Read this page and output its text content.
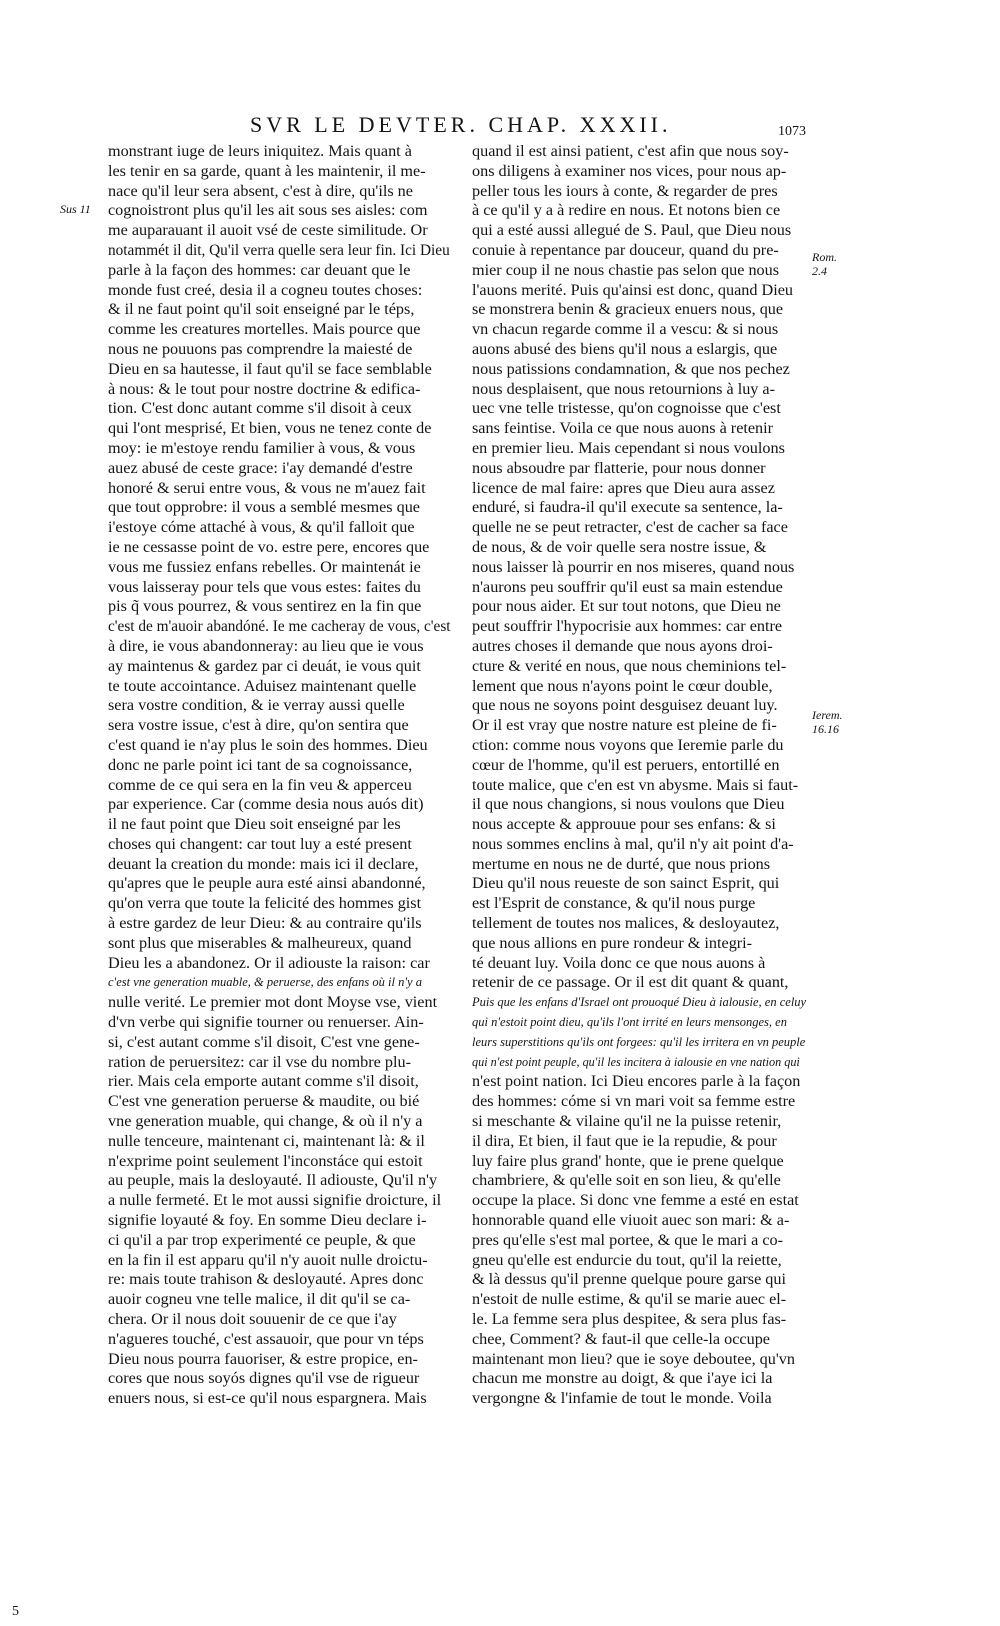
SVR LE DEVTER. CHAP. XXXII.	1073
Sus 11
Rom. 2.4
Ierem. 16.16
monstrant iuge de leurs iniquitez. Mais quant à
les tenir en sa garde, quant à les maintenir, il me-
nace qu'il leur sera absent, c'est à dire, qu'ils ne
cognoistront plus qu'il les ait sous ses aisles: com
me auparauant il auoit vsé de ceste similitude. Or
notammét il dit, Qu'il verra quelle sera leur fin. Ici Dieu
parle à la façon des hommes: car deuant que le
monde fust creé, desia il a cogneu toutes choses:
& il ne faut point qu'il soit enseigné par le téps,
comme les creatures mortelles. Mais pource que
nous ne pouuons pas comprendre la maiesté de
Dieu en sa hautesse, il faut qu'il se face semblable
à nous: & le tout pour nostre doctrine & edifica-
tion. C'est donc autant comme s'il disoit à ceux
qui l'ont mesprisé, Et bien, vous ne tenez conte de
moy: ie m'estoye rendu familier à vous, & vous
auez abusé de ceste grace: i'ay demandé d'estre
honoré & serui entre vous, & vous ne m'auez fait
que tout opprobre: il vous a semblé mesmes que
i'estoye cóme attaché à vous, & qu'il falloit que
ie ne cessasse point de vo. estre pere, encores que
vous me fussiez enfans rebelles. Or maintenát ie
vous laisseray pour tels que vous estes: faites du
pis q̃ vous pourrez, & vous sentirez en la fin que
c'est de m'auoir abandóné. Ie me cacheray de vous, c'est
à dire, ie vous abandonneray: au lieu que ie vous
ay maintenus & gardez par ci deuát, ie vous quit
te toute accointance. Aduisez maintenant quelle
sera vostre condition, & ie verray aussi quelle
sera vostre issue, c'est à dire, qu'on sentira que
c'est quand ie n'ay plus le soin des hommes. Dieu
donc ne parle point ici tant de sa cognoissance,
comme de ce qui sera en la fin veu & apperceu
par experience. Car (comme desia nous auós dit)
il ne faut point que Dieu soit enseigné par les
choses qui changent: car tout luy a esté present
deuant la creation du monde: mais ici il declare,
qu'apres que le peuple aura esté ainsi abandonné,
qu'on verra que toute la felicité des hommes gist
à estre gardez de leur Dieu: & au contraire qu'ils
sont plus que miserables & malheureux, quand
Dieu les a abandonez. Or il adiouste la raison: car
c'est vne generation muable, & peruerse, des enfans où il n'y a
nulle verité. Le premier mot dont Moyse vse, vient
d'vn verbe qui signifie tourner ou renuerser. Ain-
si, c'est autant comme s'il disoit, C'est vne gene-
ration de peruersitez: car il vse du nombre plu-
rier. Mais cela emporte autant comme s'il disoit,
C'est vne generation peruerse & maudite, ou bié
vne generation muable, qui change, & où il n'y a
nulle tenceure, maintenant ci, maintenant là: & il
n'exprime point seulement l'inconstáce qui estoit
au peuple, mais la desloyauté. Il adiouste, Qu'il n'y
a nulle fermeté. Et le mot aussi signifie droicture, il
signifie loyauté & foy. En somme Dieu declare i-
ci qu'il a par trop experimenté ce peuple, & que
en la fin il est apparu qu'il n'y auoit nulle droictu-
re: mais toute trahison & desloyauté. Apres donc
auoir cogneu vne telle malice, il dit qu'il se ca-
chera. Or il nous doit souuenir de ce que i'ay
n'agueres touché, c'est assauoir, que pour vn téps
Dieu nous pourra fauoriser, & estre propice, en-
cores que nous soyós dignes qu'il vse de rigueur
enuers nous, si est-ce qu'il nous espargnera. Mais
quand il est ainsi patient, c'est afin que nous soy-
ons diligens à examiner nos vices, pour nous ap-
peller tous les iours à conte, & regarder de pres
à ce qu'il y a à redire en nous. Et notons bien ce
qui a esté aussi allegué de S. Paul, que Dieu nous
conuie à repentance par douceur, quand du pre-
mier coup il ne nous chastie pas selon que nous
l'auons merité. Puis qu'ainsi est donc, quand Dieu
se monstrera benin & gracieux enuers nous, que
vn chacun regarde comme il a vescu: & si nous
auons abusé des biens qu'il nous a eslargis, que
nous patissions condamnation, & que nos pechez
nous desplaisent, que nous retournions à luy a-
uec vne telle tristesse, qu'on cognoisse que c'est
sans feintise. Voila ce que nous auons à retenir
en premier lieu. Mais cependant si nous voulons
nous absoudre par flatterie, pour nous donner
licence de mal faire: apres que Dieu aura assez
enduré, si faudra-il qu'il execute sa sentence, la-
quelle ne se peut retracter, c'est de cacher sa face
de nous, & de voir quelle sera nostre issue, &
nous laisser là pourrir en nos miseres, quand nous
n'aurons peu souffrir qu'il eust sa main estendue
pour nous aider. Et sur tout notons, que Dieu ne
peut souffrir l'hypocrisie aux hommes: car entre
autres choses il demande que nous ayons droi-
cture & verité en nous, que nous cheminions tel-
lement que nous n'ayons point le cœur double,
que nous ne soyons point desguisez deuant luy.
Or il est vray que nostre nature est pleine de fi-
ction: comme nous voyons que Ieremie parle du
cœur de l'homme, qu'il est peruers, entortillé en
toute malice, que c'en est vn abysme. Mais si faut-
il que nous changions, si nous voulons que Dieu
nous accepte & approuue pour ses enfans: & si
nous sommes enclins à mal, qu'il n'y ait point d'a-
mertume en nous ne de durté, que nous prions
Dieu qu'il nous reueste de son sainct Esprit, qui
est l'Esprit de constance, & qu'il nous purge
tellement de toutes nos malices, & desloyautez,
que nous allions en pure rondeur & integri-
té deuant luy. Voila donc ce que nous auons à
retenir de ce passage. Or il est dit quant & quant,
Puis que les enfans d'Israel ont prouoqué Dieu à ialousie, en celuy
qui n'estoit point dieu, qu'ils l'ont irrité en leurs mensonges, en
leurs superstitions qu'ils ont forgees: qu'il les irritera en vn peuple
qui n'est point peuple, qu'il les incitera à ialousie en vne nation qui
n'est point nation. Ici Dieu encores parle à la façon
des hommes: cóme si vn mari voit sa femme estre
si meschante & vilaine qu'il ne la puisse retenir,
il dira, Et bien, il faut que ie la repudie, & pour
luy faire plus grand' honte, que ie prene quelque
chambriere, & qu'elle soit en son lieu, & qu'elle
occupe la place. Si donc vne femme a esté en estat
honnorable quand elle viuoit auec son mari: & a-
pres qu'elle s'est mal portee, & que le mari a co-
gneu qu'elle est endurcie du tout, qu'il la reiette,
& là dessus qu'il prenne quelque poure garse qui
n'estoit de nulle estime, & qu'il se marie auec el-
le. La femme sera plus despitee, & sera plus fas-
chee, Comment? & faut-il que celle-la occupe
maintenant mon lieu? que ie soye deboutee, qu'vn
chacun me monstre au doigt, & que i'aye ici la
vergongne & l'infamie de tout le monde. Voila
5
